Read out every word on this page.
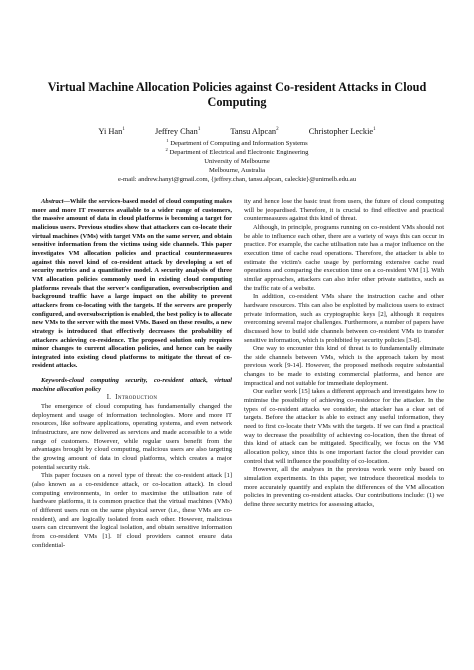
Virtual Machine Allocation Policies against Co-resident Attacks in Cloud Computing
Yi Han$^1$	Jeffrey Chan$^1$	Tansu Alpcan$^2$	Christopher Leckie$^1$
$^1$ Department of Computing and Information Systems
$^2$ Department of Electrical and Electronic Engineering
University of Melbourne
Melbourne, Australia
e-mail: andrew.hanyi@gmail.com, {jeffrey.chan, tansu.alpcan, caleckie}@unimelb.edu.au

Abstract—While the services-based model of cloud computing makes more and more IT resources available to a wider range of customers, the massive amount of data in cloud platforms is becoming a target for malicious users. Previous studies show that attackers can co-locate their virtual machines (VMs) with target VMs on the same server, and obtain sensitive information from the victims using side channels. This paper investigates VM allocation policies and practical countermeasures against this novel kind of co-resident attack by developing a set of security metrics and a quantitative model. A security analysis of three VM allocation policies commonly used in existing cloud computing platforms reveals that the server's configuration, oversubscription and background traffic have a large impact on the ability to prevent attackers from co-locating with the targets. If the servers are properly configured, and oversubscription is enabled, the best policy is to allocate new VMs to the server with the most VMs. Based on these results, a new strategy is introduced that effectively decreases the probability of attackers achieving co-residence. The proposed solution only requires minor changes to current allocation policies, and hence can be easily integrated into existing cloud platforms to mitigate the threat of co-resident attacks.

Keywords-cloud computing security, co-resident attack, virtual machine allocation policy

I. Introduction

The emergence of cloud computing has fundamentally changed the deployment and usage of information technologies. More and more IT resources, like software applications, operating systems, and even network infrastructure, are now delivered as services and made accessible to a wide range of customers. However, while regular users benefit from the advantages brought by cloud computing, malicious users are also targeting the growing amount of data in cloud platforms, which creates a major potential security risk.

This paper focuses on a novel type of threat: the co-resident attack [1] (also known as a co-residence attack, or co-location attack). In cloud computing environments, in order to maximise the utilisation rate of hardware platforms, it is common practice that the virtual machines (VMs) of different users run on the same physical server (i.e., these VMs are co-resident), and are logically isolated from each other. However, malicious users can circumvent the logical isolation, and obtain sensitive information from co-resident VMs [1]. If cloud providers cannot ensure data confidential-

ity and hence lose the basic trust from users, the future of cloud computing will be jeopardised. Therefore, it is crucial to find effective and practical countermeasures against this kind of threat.

Although, in principle, programs running on co-resident VMs should not be able to influence each other, there are a variety of ways this can occur in practice. For example, the cache utilisation rate has a major influence on the execution time of cache read operations. Therefore, the attacker is able to estimate the victim's cache usage by performing extensive cache read operations and comparing the execution time on a co-resident VM [1]. With similar approaches, attackers can also infer other private statistics, such as the traffic rate of a website.

In addition, co-resident VMs share the instruction cache and other hardware resources. This can also be exploited by malicious users to extract private information, such as cryptographic keys [2], although it requires overcoming several major challenges. Furthermore, a number of papers have discussed how to build side channels between co-resident VMs to transfer sensitive information, which is prohibited by security policies [3-8].

One way to encounter this kind of threat is to fundamentally eliminate the side channels between VMs, which is the approach taken by most previous work [9-14]. However, the proposed methods require substantial changes to be made to existing commercial platforms, and hence are impractical and not suitable for immediate deployment.

Our earlier work [15] takes a different approach and investigates how to minimise the possibility of achieving co-residence for the attacker. In the types of co-resident attacks we consider, the attacker has a clear set of targets. Before the attacker is able to extract any useful information, they need to first co-locate their VMs with the targets. If we can find a practical way to decrease the possibility of achieving co-location, then the threat of this kind of attack can be mitigated. Specifically, we focus on the VM allocation policy, since this is one important factor the cloud provider can control that will influence the possibility of co-location.

However, all the analyses in the previous work were only based on simulation experiments. In this paper, we introduce theoretical models to more accurately quantify and explain the differences of the VM allocation policies in preventing co-resident attacks. Our contributions include: (1) we define three security metrics for assessing attacks,
